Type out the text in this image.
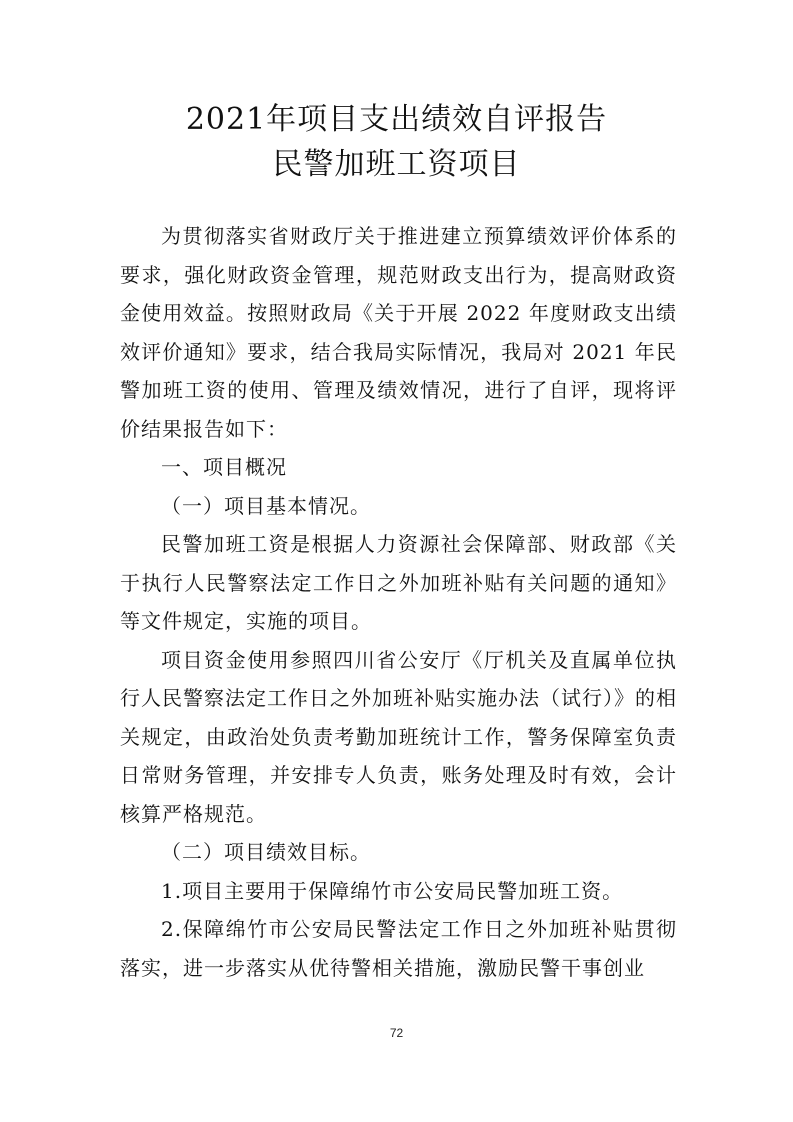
2021年项目支出绩效自评报告
民警加班工资项目

为贯彻落实省财政厅关于推进建立预算绩效评价体系的要求，强化财政资金管理，规范财政支出行为，提高财政资金使用效益。按照财政局《关于开展 2022 年度财政支出绩效评价通知》要求，结合我局实际情况，我局对 2021 年民警加班工资的使用、管理及绩效情况，进行了自评，现将评价结果报告如下：

一、项目概况

（一）项目基本情况。

民警加班工资是根据人力资源社会保障部、财政部《关于执行人民警察法定工作日之外加班补贴有关问题的通知》等文件规定，实施的项目。

项目资金使用参照四川省公安厅《厅机关及直属单位执行人民警察法定工作日之外加班补贴实施办法（试行）》的相关规定，由政治处负责考勤加班统计工作，警务保障室负责日常财务管理，并安排专人负责，账务处理及时有效，会计核算严格规范。

（二）项目绩效目标。

1.项目主要用于保障绵竹市公安局民警加班工资。

2.保障绵竹市公安局民警法定工作日之外加班补贴贯彻落实，进一步落实从优待警相关措施，激励民警干事创业

72
